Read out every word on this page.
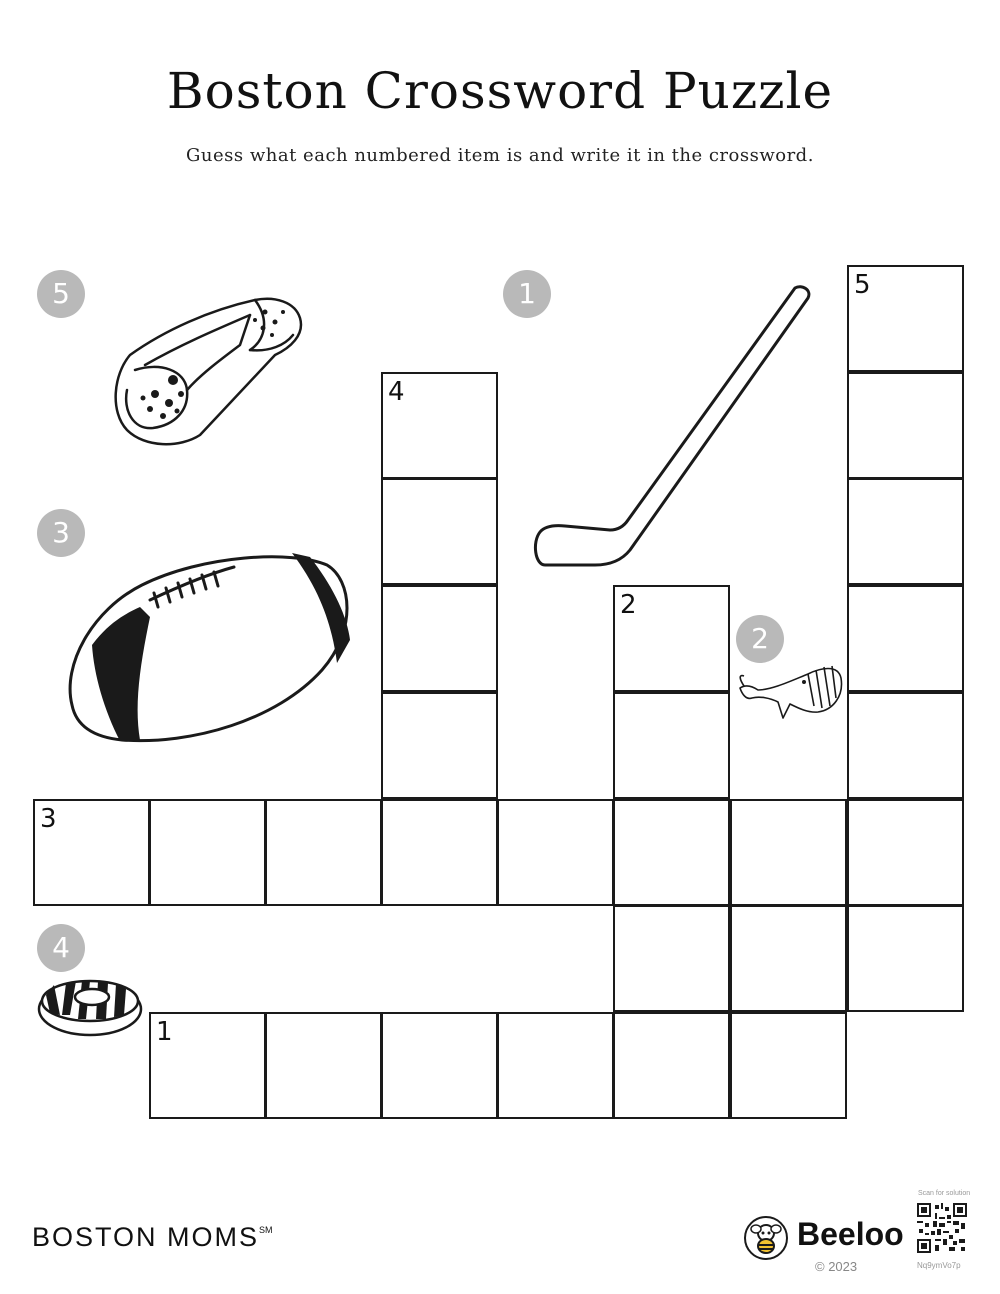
Boston Crossword Puzzle
Guess what each numbered item is and write it in the crossword.
5	1
3
2
4
5
4
2
3
1
BOSTON MOMS℠	Beeloo
© 2023
Scan for solution
Nq9ymVo7p
